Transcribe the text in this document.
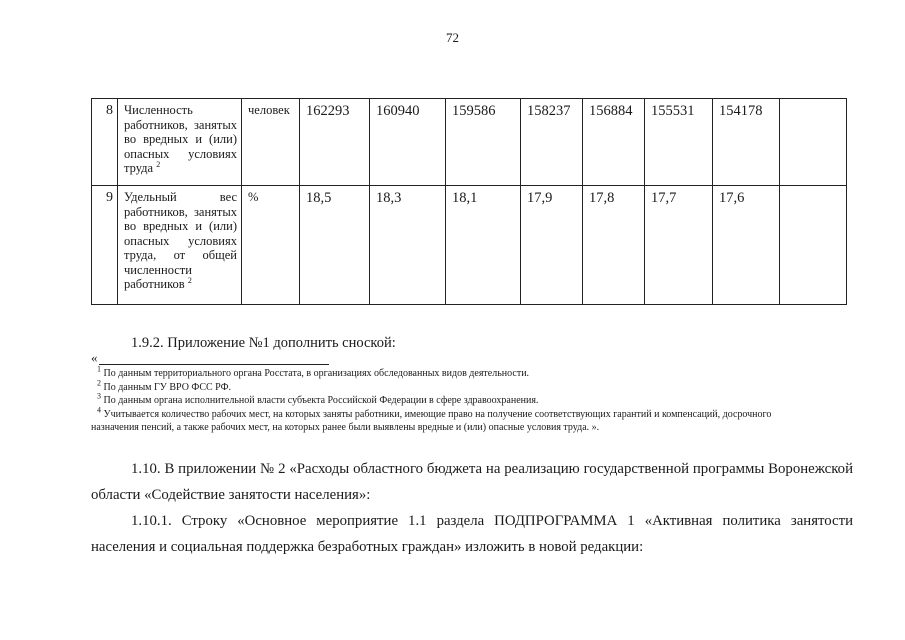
72
8	Численность работников, занятых во вредных и (или) опасных условиях труда $^2$	человек	162293	160940	159586	158237	156884	155531	154178	
9	Удельный вес работников, занятых во вредных и (или) опасных условиях труда, от общей численности работников $^2$	%	18,5	18,3	18,1	17,9	17,8	17,7	17,6	
1.9.2. Приложение №1 дополнить сноской:
«
$^1$ По данным территориального органа Росстата, в организациях обследованных видов деятельности.
$^2$ По данным ГУ ВРО ФСС РФ.
$^3$ По данным органа исполнительной власти субъекта Российской Федерации в сфере здравоохранения.
$^4$ Учитывается количество рабочих мест, на которых заняты работники, имеющие право на получение соответствующих гарантий и компенсаций, досрочного
назначения пенсий, а также рабочих мест, на которых ранее были выявлены вредные и (или) опасные условия труда. ».
1.10. В приложении № 2 «Расходы областного бюджета на реализацию государственной программы Воронежской области «Содействие занятости населения»:
1.10.1. Строку «Основное мероприятие 1.1 раздела ПОДПРОГРАММА 1 «Активная политика занятости населения и социальная поддержка безработных граждан» изложить в новой редакции:
